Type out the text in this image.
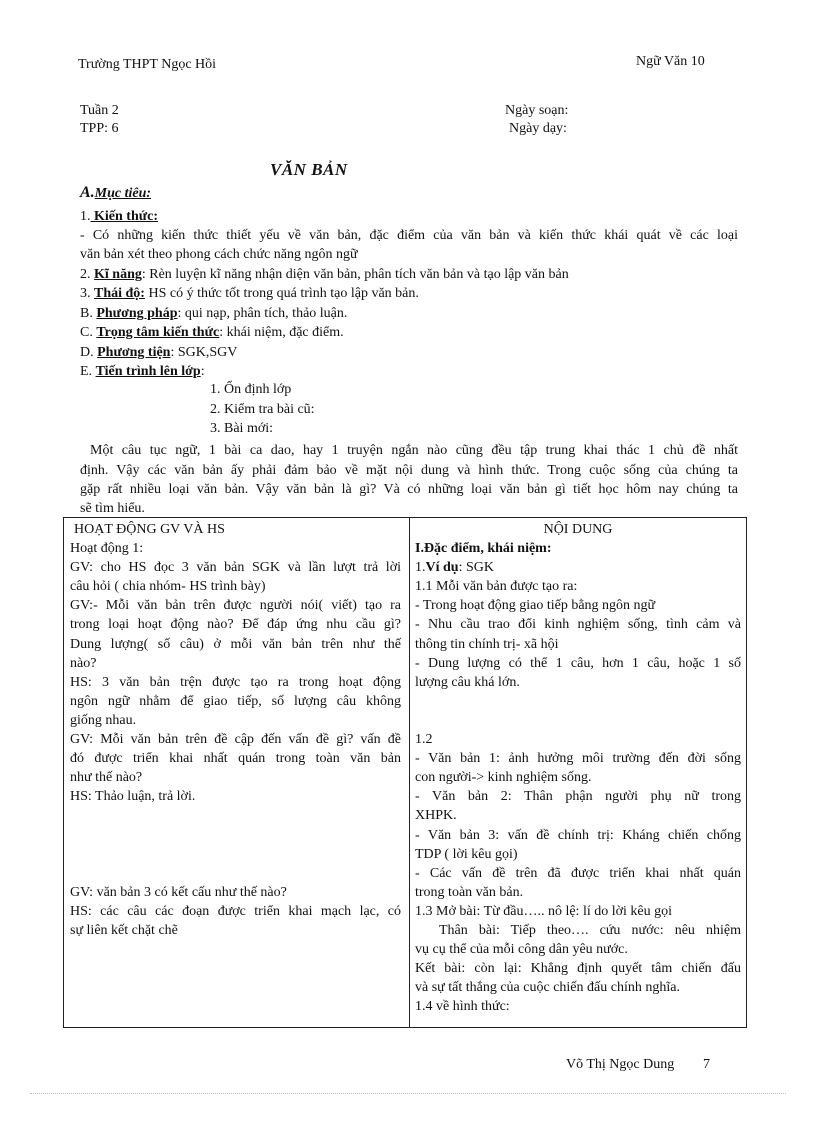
Trường THPT Ngọc Hồi	Ngữ Văn 10
Tuần 2
TPP: 6
Ngày soạn:
Ngày dạy:
VĂN BẢN
A.Mục tiêu:
1. Kiến thức:
- Có những kiến thức thiết yếu về văn bản, đặc điểm của văn bản và kiến thức khái quát về các loại
văn bản xét theo phong cách chức năng ngôn ngữ
2. Kĩ năng: Rèn luyện kĩ năng nhận diện văn bản, phân tích văn bản và tạo lập văn bản
3. Thái độ: HS có ý thức tốt trong quá trình tạo lập văn bản.
B. Phương pháp: qui nạp, phân tích, thảo luận.
C. Trọng tâm kiến thức: khái niệm, đặc điểm.
D. Phương tiện: SGK,SGV
E. Tiến trình lên lớp:
1. Ổn định lớp
2. Kiểm tra bài cũ:
3. Bài mới:
Một câu tục ngữ, 1 bài ca dao, hay 1 truyện ngắn nào cũng đều tập trung khai thác 1 chủ đề nhất
định. Vậy các văn bản ấy phải đảm bảo về mặt nội dung và hình thức. Trong cuộc sống của chúng ta
gặp rất nhiều loại văn bản. Vậy văn bản là gì? Và có những loại văn bản gì tiết học hôm nay chúng ta
sẽ tìm hiểu.
HOẠT ĐỘNG GV VÀ HS
Hoạt động 1:
GV: cho HS đọc 3 văn bản SGK và lần lượt trả lời
câu hỏi ( chia nhóm- HS trình bày)
GV:- Mỗi văn bản trên được người nói( viết) tạo ra
trong loại hoạt động nào? Để đáp ứng nhu cầu gì?
Dung lượng( số câu) ở mỗi văn bản trên như thế
nào?
HS: 3 văn bản trện được tạo ra trong hoạt động
ngôn ngữ nhằm để giao tiếp, số lượng câu không
giống nhau.
GV: Mỗi văn bản trên đề cập đến vấn đề gì? vấn đề
đó được triển khai nhất quán trong toàn văn bản
như thế nào?
HS: Thảo luận, trả lời.
GV: văn bản 3 có kết cấu như thế nào?
HS: các câu các đoạn được triển khai mạch lạc, có
sự liên kết chặt chẽ
NỘI DUNG
I.Đặc điểm, khái niệm:
1.Ví dụ: SGK
1.1 Mỗi văn bản được tạo ra:
- Trong hoạt động giao tiếp bằng ngôn ngữ
- Nhu cầu trao đổi kinh nghiệm sống, tình cảm và
thông tin chính trị- xã hội
- Dung lượng có thể 1 câu, hơn 1 câu, hoặc 1 số
lượng câu khá lớn.
1.2
- Văn bản 1: ảnh hưởng môi trường đến đời sống
con người-> kinh nghiệm sống.
- Văn bản 2: Thân phận người phụ nữ trong
XHPK.
- Văn bản 3: vấn đề chính trị: Kháng chiến chống
TDP ( lời kêu gọi)
- Các vấn đề trên đã được triển khai nhất quán
trong toàn văn bản.
1.3 Mở bài: Từ đầu….. nô lệ: lí do lời kêu gọi
Thân bài: Tiếp theo…. cứu nước: nêu nhiệm
vụ cụ thể của mỗi công dân yêu nước.
Kết bài: còn lại: Khẳng định quyết tâm chiến đấu
và sự tất thắng của cuộc chiến đấu chính nghĩa.
1.4 về hình thức:
Võ Thị Ngọc Dung 7
